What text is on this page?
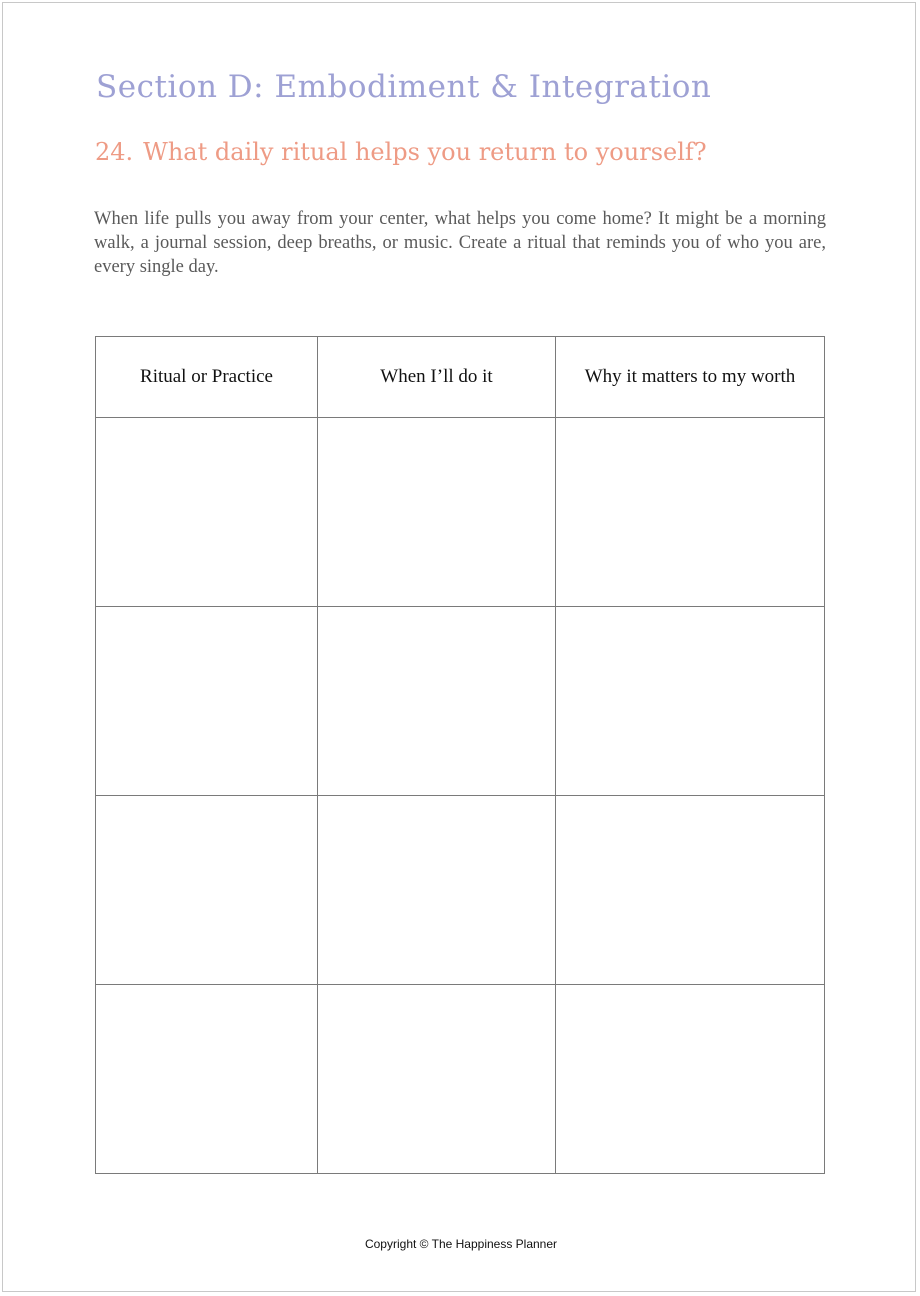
Section D: Embodiment & Integration
24. What daily ritual helps you return to yourself?

When life pulls you away from your center, what helps you come home? It might be a morning walk, a journal session, deep breaths, or music. Create a ritual that reminds you of who you are, every single day.

Ritual or Practice	When I’ll do it	Why it matters to my worth

Copyright © The Happiness Planner
